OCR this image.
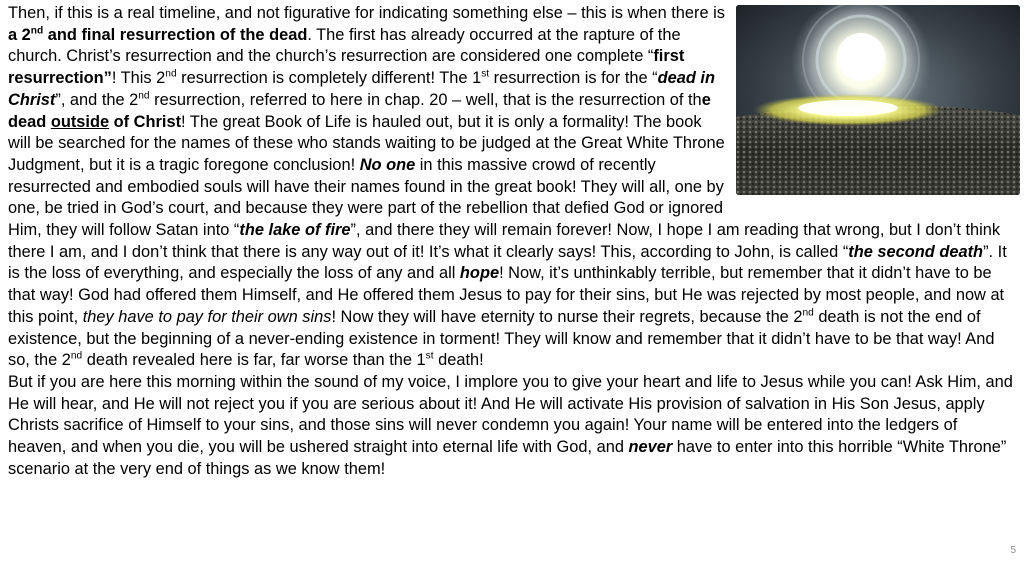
Then, if this is a real timeline, and not figurative for indicating something else – this is when there is a 2nd and final resurrection of the dead. The first has already occurred at the rapture of the church. Christ’s resurrection and the church’s resurrection are considered one complete “first resurrection”! This 2nd resurrection is completely different! The 1st resurrection is for the “dead in Christ”, and the 2nd resurrection, referred to here in chap. 20 – well, that is the resurrection of the dead outside of Christ! The great Book of Life is hauled out, but it is only a formality! The book will be searched for the names of these who stands waiting to be judged at the Great White Throne Judgment, but it is a tragic foregone conclusion! No one in this massive crowd of recently resurrected and embodied souls will have their names found in the great book! They will all, one by one, be tried in God’s court, and because they were part of the rebellion that defied God or ignored Him, they will follow Satan into “the lake of fire”, and there they will remain forever! Now, I hope I am reading that wrong, but I don’t think there I am, and I don’t think that there is any way out of it! It’s what it clearly says! This, according to John, is called “the second death”. It is the loss of everything, and especially the loss of any and all hope! Now, it’s unthinkably terrible, but remember that it didn’t have to be that way! God had offered them Himself, and He offered them Jesus to pay for their sins, but He was rejected by most people, and now at this point, they have to pay for their own sins! Now they will have eternity to nurse their regrets, because the 2nd death is not the end of existence, but the beginning of a never-ending existence in torment! They will know and remember that it didn’t have to be that way! And so, the 2nd death revealed here is far, far worse than the 1st death!

But if you are here this morning within the sound of my voice, I implore you to give your heart and life to Jesus while you can! Ask Him, and He will hear, and He will not reject you if you are serious about it! And He will activate His provision of salvation in His Son Jesus, apply Christs sacrifice of Himself to your sins, and those sins will never condemn you again! Your name will be entered into the ledgers of heaven, and when you die, you will be ushered straight into eternal life with God, and never have to enter into this horrible “White Throne” scenario at the very end of things as we know them!

5
